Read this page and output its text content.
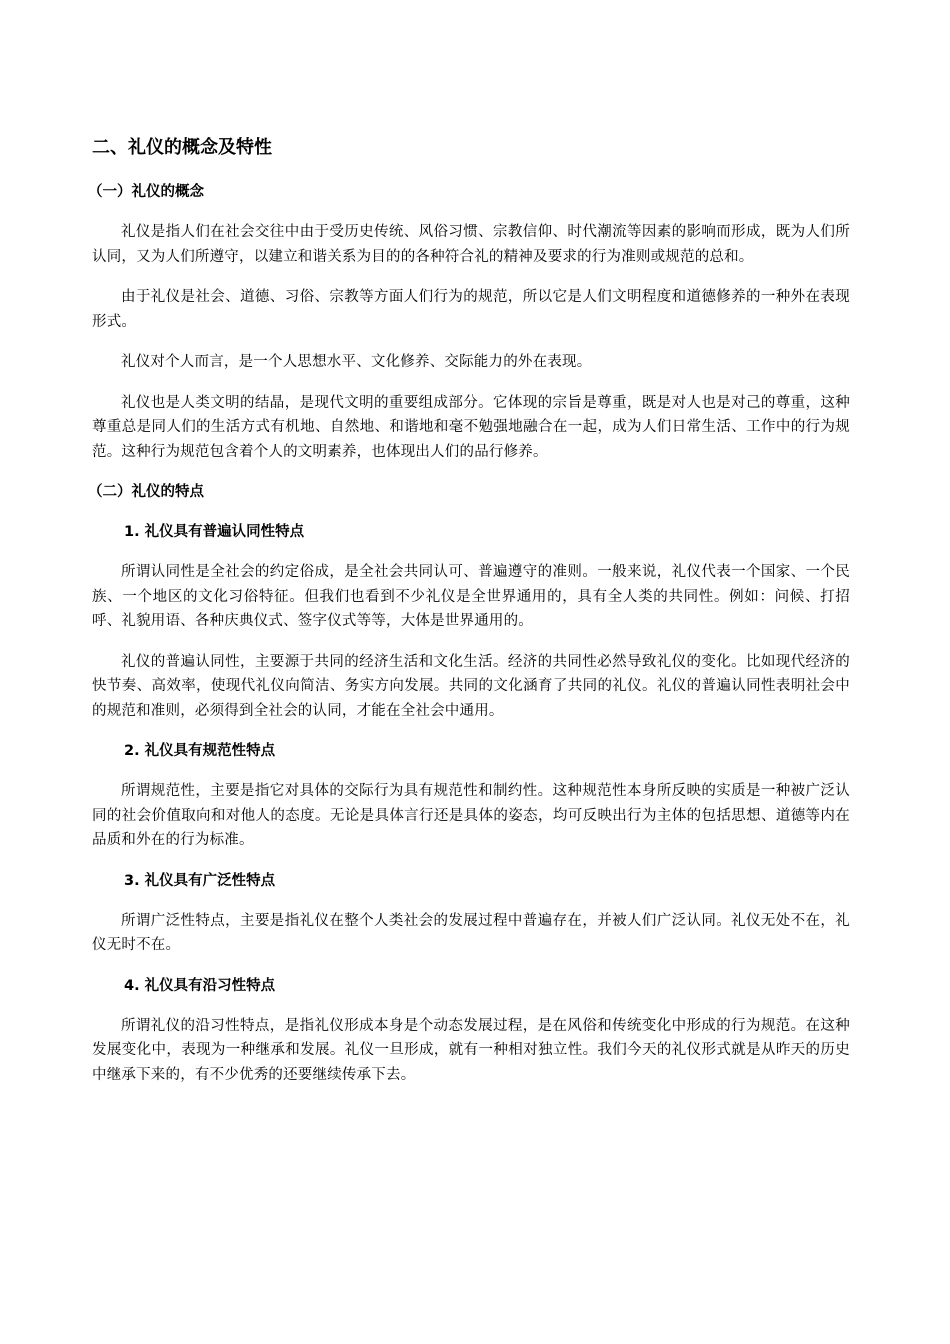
二、礼仪的概念及特性
（一）礼仪的概念

礼仪是指人们在社会交往中由于受历史传统、风俗习惯、宗教信仰、时代潮流等因素的影响而形成，既为人们所认同，又为人们所遵守，以建立和谐关系为目的的各种符合礼的精神及要求的行为准则或规范的总和。

由于礼仪是社会、道德、习俗、宗教等方面人们行为的规范，所以它是人们文明程度和道德修养的一种外在表现形式。

礼仪对个人而言，是一个人思想水平、文化修养、交际能力的外在表现。

礼仪也是人类文明的结晶，是现代文明的重要组成部分。它体现的宗旨是尊重，既是对人也是对己的尊重，这种尊重总是同人们的生活方式有机地、自然地、和谐地和毫不勉强地融合在一起，成为人们日常生活、工作中的行为规范。这种行为规范包含着个人的文明素养，也体现出人们的品行修养。

（二）礼仪的特点
1. 礼仪具有普遍认同性特点

所谓认同性是全社会的约定俗成，是全社会共同认可、普遍遵守的准则。一般来说，礼仪代表一个国家、一个民族、一个地区的文化习俗特征。但我们也看到不少礼仪是全世界通用的，具有全人类的共同性。例如：问候、打招呼、礼貌用语、各种庆典仪式、签字仪式等等，大体是世界通用的。

礼仪的普遍认同性，主要源于共同的经济生活和文化生活。经济的共同性必然导致礼仪的变化。比如现代经济的快节奏、高效率，使现代礼仪向简洁、务实方向发展。共同的文化涵育了共同的礼仪。礼仪的普遍认同性表明社会中的规范和准则，必须得到全社会的认同，才能在全社会中通用。

2. 礼仪具有规范性特点

所谓规范性，主要是指它对具体的交际行为具有规范性和制约性。这种规范性本身所反映的实质是一种被广泛认同的社会价值取向和对他人的态度。无论是具体言行还是具体的姿态，均可反映出行为主体的包括思想、道德等内在品质和外在的行为标准。

3. 礼仪具有广泛性特点

所谓广泛性特点，主要是指礼仪在整个人类社会的发展过程中普遍存在，并被人们广泛认同。礼仪无处不在，礼仪无时不在。

4. 礼仪具有沿习性特点

所谓礼仪的沿习性特点，是指礼仪形成本身是个动态发展过程，是在风俗和传统变化中形成的行为规范。在这种发展变化中，表现为一种继承和发展。礼仪一旦形成，就有一种相对独立性。我们今天的礼仪形式就是从昨天的历史中继承下来的，有不少优秀的还要继续传承下去。
